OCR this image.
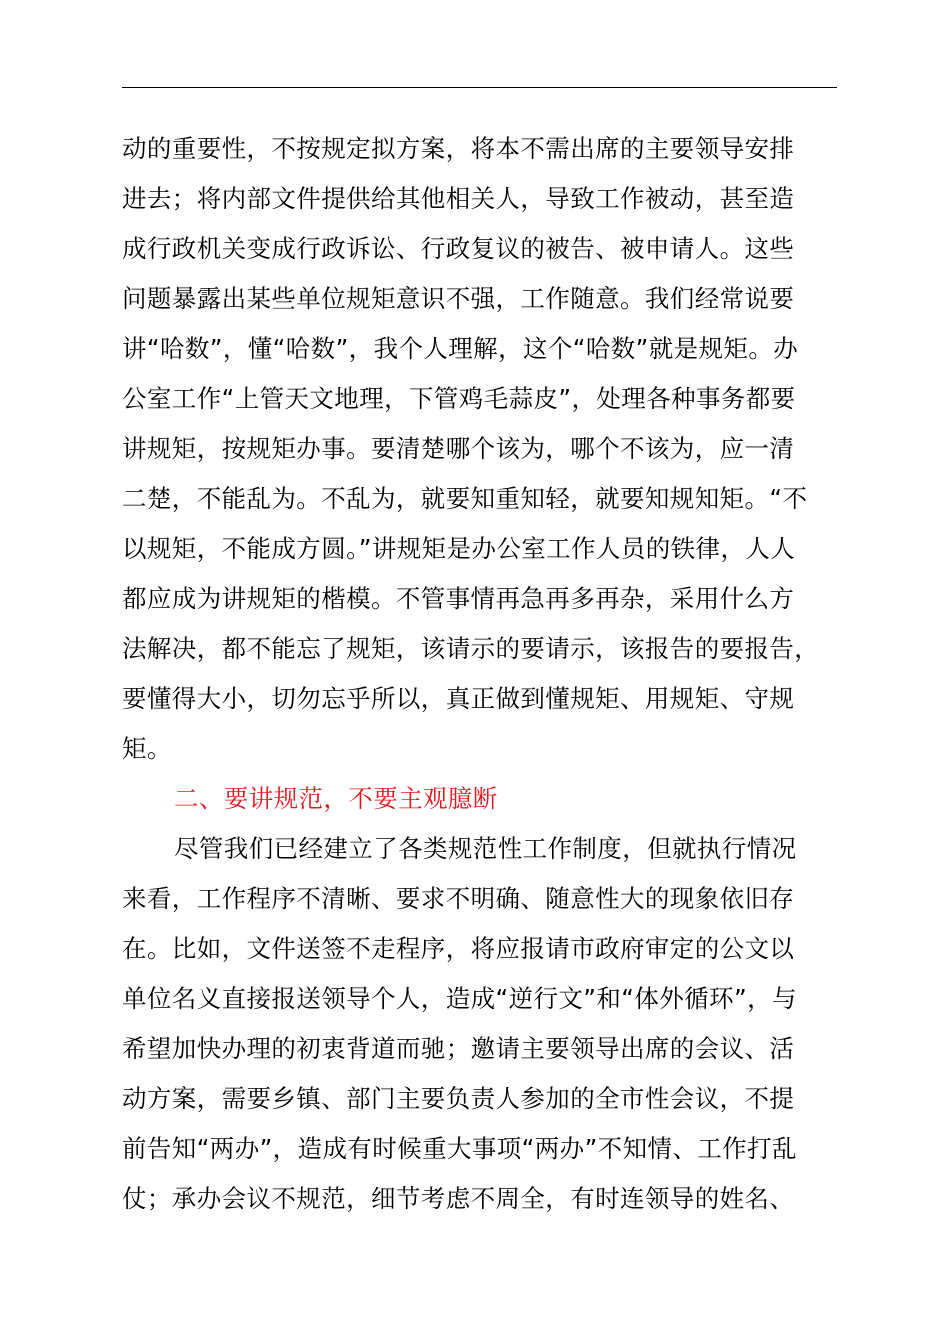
动的重要性，不按规定拟方案，将本不需出席的主要领导安排
进去；将内部文件提供给其他相关人，导致工作被动，甚至造
成行政机关变成行政诉讼、行政复议的被告、被申请人。这些
问题暴露出某些单位规矩意识不强，工作随意。我们经常说要
讲“哈数”，懂“哈数”，我个人理解，这个“哈数”就是规矩。办
公室工作“上管天文地理，下管鸡毛蒜皮”，处理各种事务都要
讲规矩，按规矩办事。要清楚哪个该为，哪个不该为，应一清
二楚，不能乱为。不乱为，就要知重知轻，就要知规知矩。“不
以规矩，不能成方圆。”讲规矩是办公室工作人员的铁律，人人
都应成为讲规矩的楷模。不管事情再急再多再杂，采用什么方
法解决，都不能忘了规矩，该请示的要请示，该报告的要报告，
要懂得大小，切勿忘乎所以，真正做到懂规矩、用规矩、守规
矩。
二、要讲规范，不要主观臆断
尽管我们已经建立了各类规范性工作制度，但就执行情况
来看，工作程序不清晰、要求不明确、随意性大的现象依旧存
在。比如，文件送签不走程序，将应报请市政府审定的公文以
单位名义直接报送领导个人，造成“逆行文”和“体外循环”，与
希望加快办理的初衷背道而驰；邀请主要领导出席的会议、活
动方案，需要乡镇、部门主要负责人参加的全市性会议，不提
前告知“两办”，造成有时候重大事项“两办”不知情、工作打乱
仗；承办会议不规范，细节考虑不周全，有时连领导的姓名、
